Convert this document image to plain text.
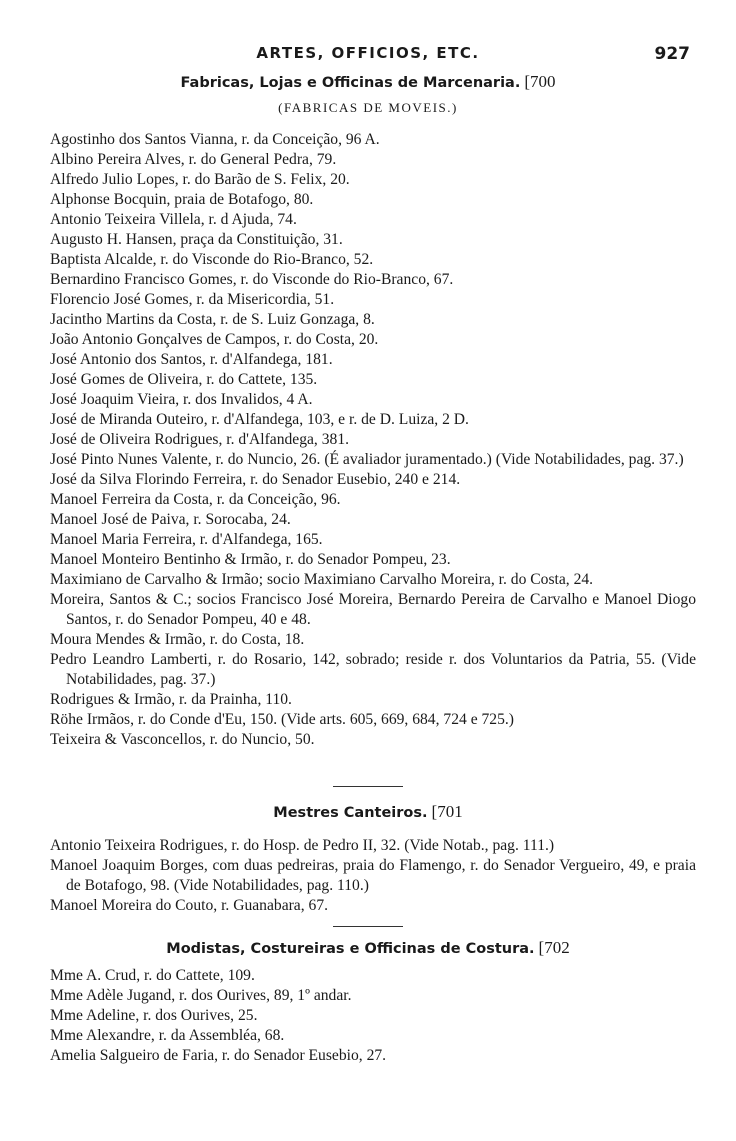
ARTES, OFFICIOS, ETC.	927
Fabricas, Lojas e Officinas de Marcenaria. [700
(FABRICAS DE MOVEIS.)
Agostinho dos Santos Vianna, r. da Conceição, 96 A.
Albino Pereira Alves, r. do General Pedra, 79.
Alfredo Julio Lopes, r. do Barão de S. Felix, 20.
Alphonse Bocquin, praia de Botafogo, 80.
Antonio Teixeira Villela, r. d Ajuda, 74.
Augusto H. Hansen, praça da Constituição, 31.
Baptista Alcalde, r. do Visconde do Rio-Branco, 52.
Bernardino Francisco Gomes, r. do Visconde do Rio-Branco, 67.
Florencio José Gomes, r. da Misericordia, 51.
Jacintho Martins da Costa, r. de S. Luiz Gonzaga, 8.
João Antonio Gonçalves de Campos, r. do Costa, 20.
José Antonio dos Santos, r. d'Alfandega, 181.
José Gomes de Oliveira, r. do Cattete, 135.
José Joaquim Vieira, r. dos Invalidos, 4 A.
José de Miranda Outeiro, r. d'Alfandega, 103, e r. de D. Luiza, 2 D.
José de Oliveira Rodrigues, r. d'Alfandega, 381.
José Pinto Nunes Valente, r. do Nuncio, 26. (É avaliador juramentado.) (Vide Notabilidades, pag. 37.)
José da Silva Florindo Ferreira, r. do Senador Eusebio, 240 e 214.
Manoel Ferreira da Costa, r. da Conceição, 96.
Manoel José de Paiva, r. Sorocaba, 24.
Manoel Maria Ferreira, r. d'Alfandega, 165.
Manoel Monteiro Bentinho & Irmão, r. do Senador Pompeu, 23.
Maximiano de Carvalho & Irmão; socio Maximiano Carvalho Moreira, r. do Costa, 24.
Moreira, Santos & C.; socios Francisco José Moreira, Bernardo Pereira de Carvalho e Manoel Diogo Santos, r. do Senador Pompeu, 40 e 48.
Moura Mendes & Irmão, r. do Costa, 18.
Pedro Leandro Lamberti, r. do Rosario, 142, sobrado; reside r. dos Voluntarios da Patria, 55. (Vide Notabilidades, pag. 37.)
Rodrigues & Irmão, r. da Prainha, 110.
Röhe Irmãos, r. do Conde d'Eu, 150. (Vide arts. 605, 669, 684, 724 e 725.)
Teixeira & Vasconcellos, r. do Nuncio, 50.
Mestres Canteiros. [701
Antonio Teixeira Rodrigues, r. do Hosp. de Pedro II, 32. (Vide Notab., pag. 111.)
Manoel Joaquim Borges, com duas pedreiras, praia do Flamengo, r. do Senador Vergueiro, 49, e praia de Botafogo, 98. (Vide Notabilidades, pag. 110.)
Manoel Moreira do Couto, r. Guanabara, 67.
Modistas, Costureiras e Officinas de Costura. [702
Mme A. Crud, r. do Cattete, 109.
Mme Adèle Jugand, r. dos Ourives, 89, 1º andar.
Mme Adeline, r. dos Ourives, 25.
Mme Alexandre, r. da Assembléa, 68.
Amelia Salgueiro de Faria, r. do Senador Eusebio, 27.
